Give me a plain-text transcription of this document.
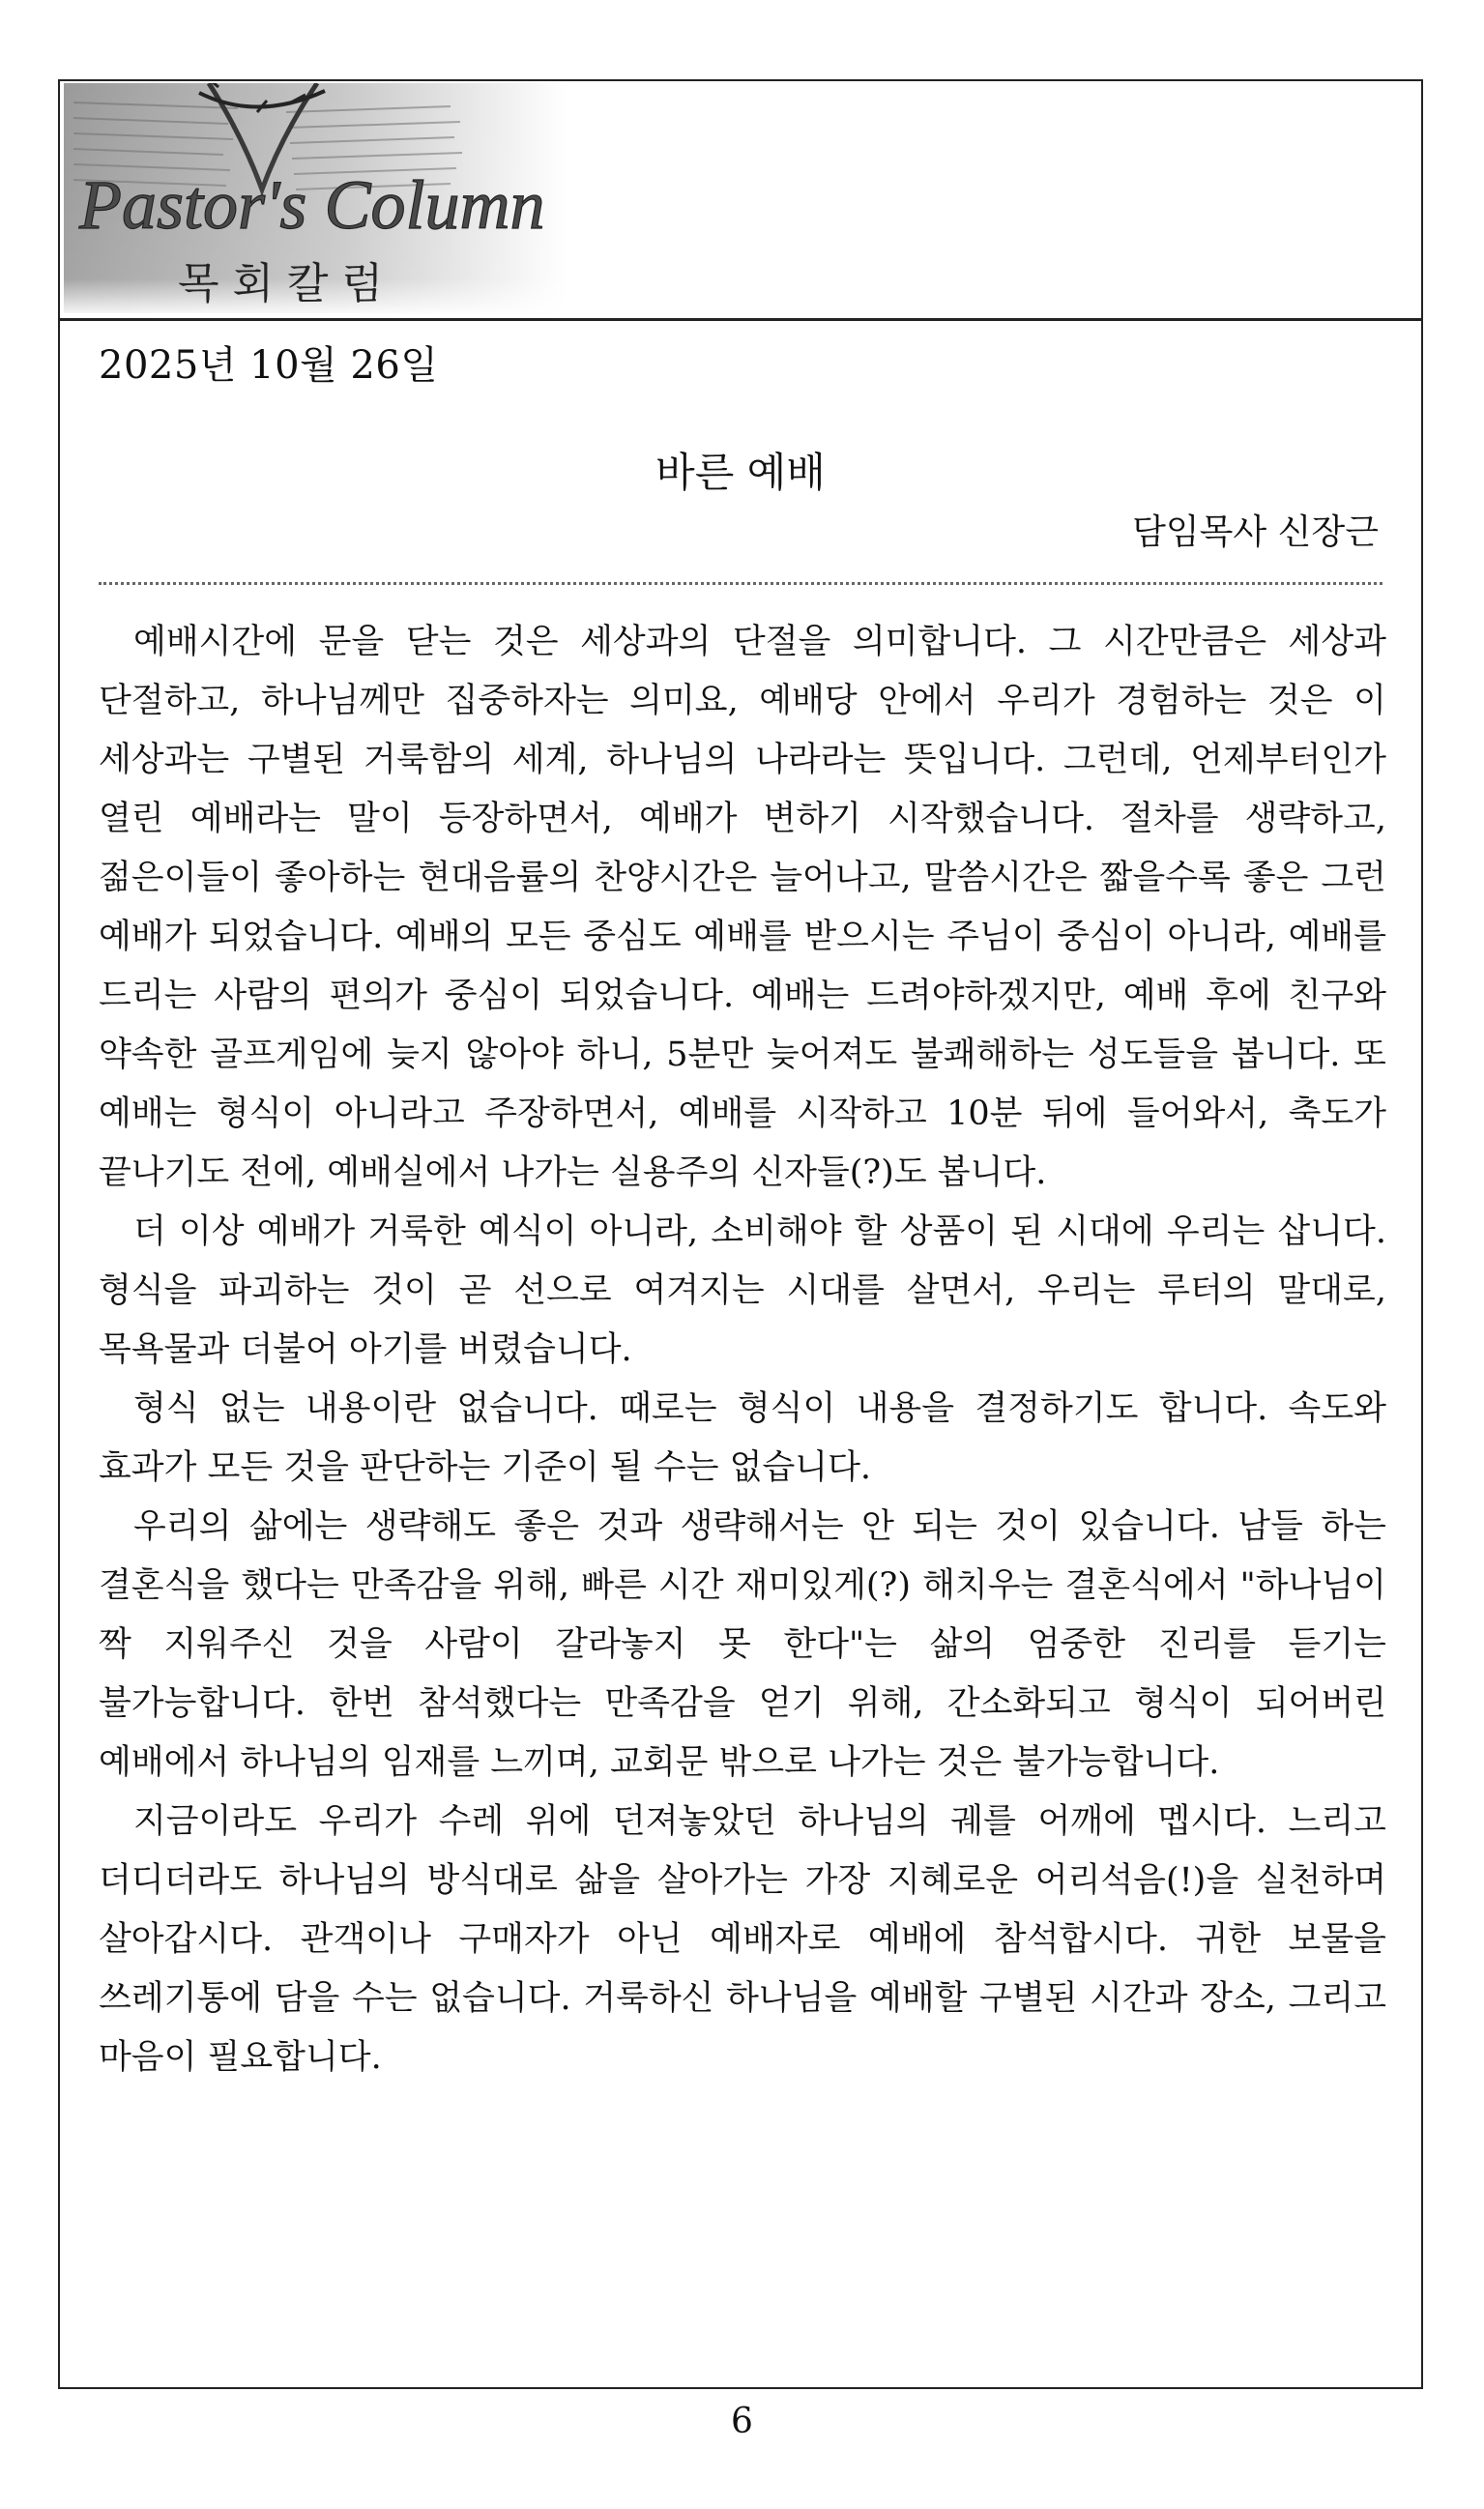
Pastor's Column
목회칼럼
2025년 10월 26일
바른 예배
담임목사 신장근

예배시간에 문을 닫는 것은 세상과의 단절을 의미합니다. 그 시간만큼은 세상과 단절하고, 하나님께만 집중하자는 의미요, 예배당 안에서 우리가 경험하는 것은 이 세상과는 구별된 거룩함의 세계, 하나님의 나라라는 뜻입니다. 그런데, 언제부터인가 열린 예배라는 말이 등장하면서, 예배가 변하기 시작했습니다. 절차를 생략하고, 젊은이들이 좋아하는 현대음률의 찬양시간은 늘어나고, 말씀시간은 짧을수록 좋은 그런 예배가 되었습니다. 예배의 모든 중심도 예배를 받으시는 주님이 중심이 아니라, 예배를 드리는 사람의 편의가 중심이 되었습니다. 예배는 드려야하겠지만, 예배 후에 친구와 약속한 골프게임에 늦지 않아야 하니, 5분만 늦어져도 불쾌해하는 성도들을 봅니다. 또 예배는 형식이 아니라고 주장하면서, 예배를 시작하고 10분 뒤에 들어와서, 축도가 끝나기도 전에, 예배실에서 나가는 실용주의 신자들(?)도 봅니다.

더 이상 예배가 거룩한 예식이 아니라, 소비해야 할 상품이 된 시대에 우리는 삽니다. 형식을 파괴하는 것이 곧 선으로 여겨지는 시대를 살면서, 우리는 루터의 말대로, 목욕물과 더불어 아기를 버렸습니다.

형식 없는 내용이란 없습니다. 때로는 형식이 내용을 결정하기도 합니다. 속도와 효과가 모든 것을 판단하는 기준이 될 수는 없습니다.

우리의 삶에는 생략해도 좋은 것과 생략해서는 안 되는 것이 있습니다. 남들 하는 결혼식을 했다는 만족감을 위해, 빠른 시간 재미있게(?) 해치우는 결혼식에서 "하나님이 짝 지워주신 것을 사람이 갈라놓지 못 한다"는 삶의 엄중한 진리를 듣기는 불가능합니다. 한번 참석했다는 만족감을 얻기 위해, 간소화되고 형식이 되어버린 예배에서 하나님의 임재를 느끼며, 교회문 밖으로 나가는 것은 불가능합니다.

지금이라도 우리가 수레 위에 던져놓았던 하나님의 궤를 어깨에 멥시다. 느리고 더디더라도 하나님의 방식대로 삶을 살아가는 가장 지혜로운 어리석음(!)을 실천하며 살아갑시다. 관객이나 구매자가 아닌 예배자로 예배에 참석합시다. 귀한 보물을 쓰레기통에 담을 수는 없습니다. 거룩하신 하나님을 예배할 구별된 시간과 장소, 그리고 마음이 필요합니다.

6
